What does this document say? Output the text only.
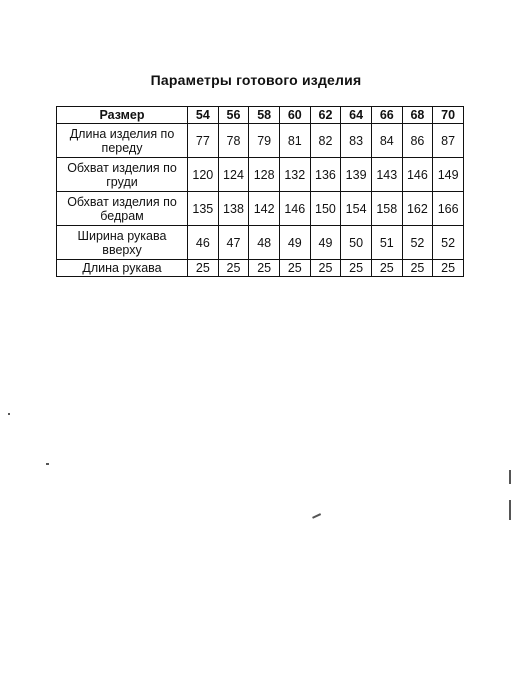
Параметры готового изделия
Размер	54	56	58	60	62	64	66	68	70
Длина изделия по переду	77	78	79	81	82	83	84	86	87
Обхват изделия по груди	120	124	128	132	136	139	143	146	149
Обхват изделия по бедрам	135	138	142	146	150	154	158	162	166
Ширина рукава вверху	46	47	48	49	49	50	51	52	52
Длина рукава	25	25	25	25	25	25	25	25	25
